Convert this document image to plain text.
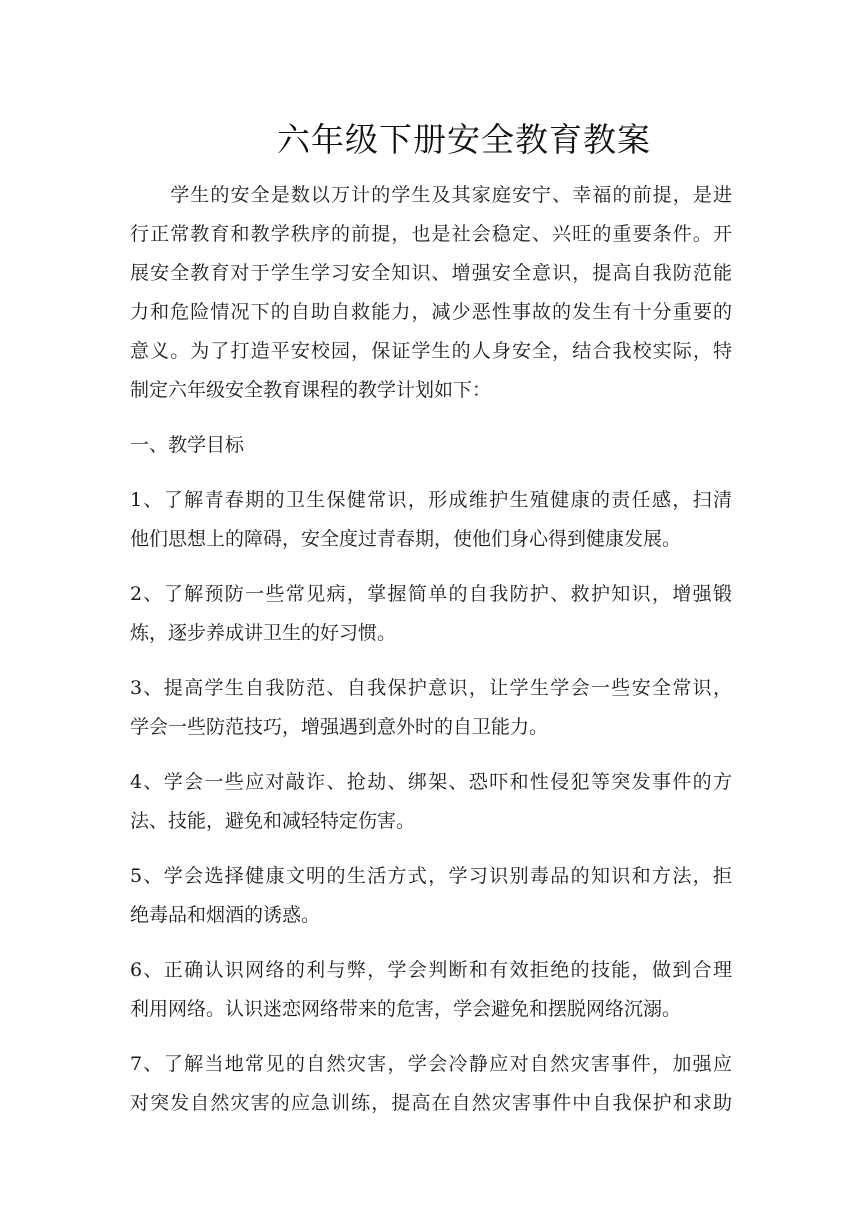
六年级下册安全教育教案
　　学生的安全是数以万计的学生及其家庭安宁、幸福的前提，是进
行正常教育和教学秩序的前提，也是社会稳定、兴旺的重要条件。开
展安全教育对于学生学习安全知识、增强安全意识，提高自我防范能
力和危险情况下的自助自救能力，减少恶性事故的发生有十分重要的
意义。为了打造平安校园，保证学生的人身安全，结合我校实际，特
制定六年级安全教育课程的教学计划如下：
一、教学目标
1、了解青春期的卫生保健常识，形成维护生殖健康的责任感，扫清
他们思想上的障碍，安全度过青春期，使他们身心得到健康发展。
2、了解预防一些常见病，掌握简单的自我防护、救护知识，增强锻
炼，逐步养成讲卫生的好习惯。
3、提高学生自我防范、自我保护意识，让学生学会一些安全常识，
学会一些防范技巧，增强遇到意外时的自卫能力。
4、学会一些应对敲诈、抢劫、绑架、恐吓和性侵犯等突发事件的方
法、技能，避免和减轻特定伤害。
5、学会选择健康文明的生活方式，学习识别毒品的知识和方法，拒
绝毒品和烟酒的诱惑。
6、正确认识网络的利与弊，学会判断和有效拒绝的技能，做到合理
利用网络。认识迷恋网络带来的危害，学会避免和摆脱网络沉溺。
7、了解当地常见的自然灾害，学会冷静应对自然灾害事件，加强应
对突发自然灾害的应急训练，提高在自然灾害事件中自我保护和求助
